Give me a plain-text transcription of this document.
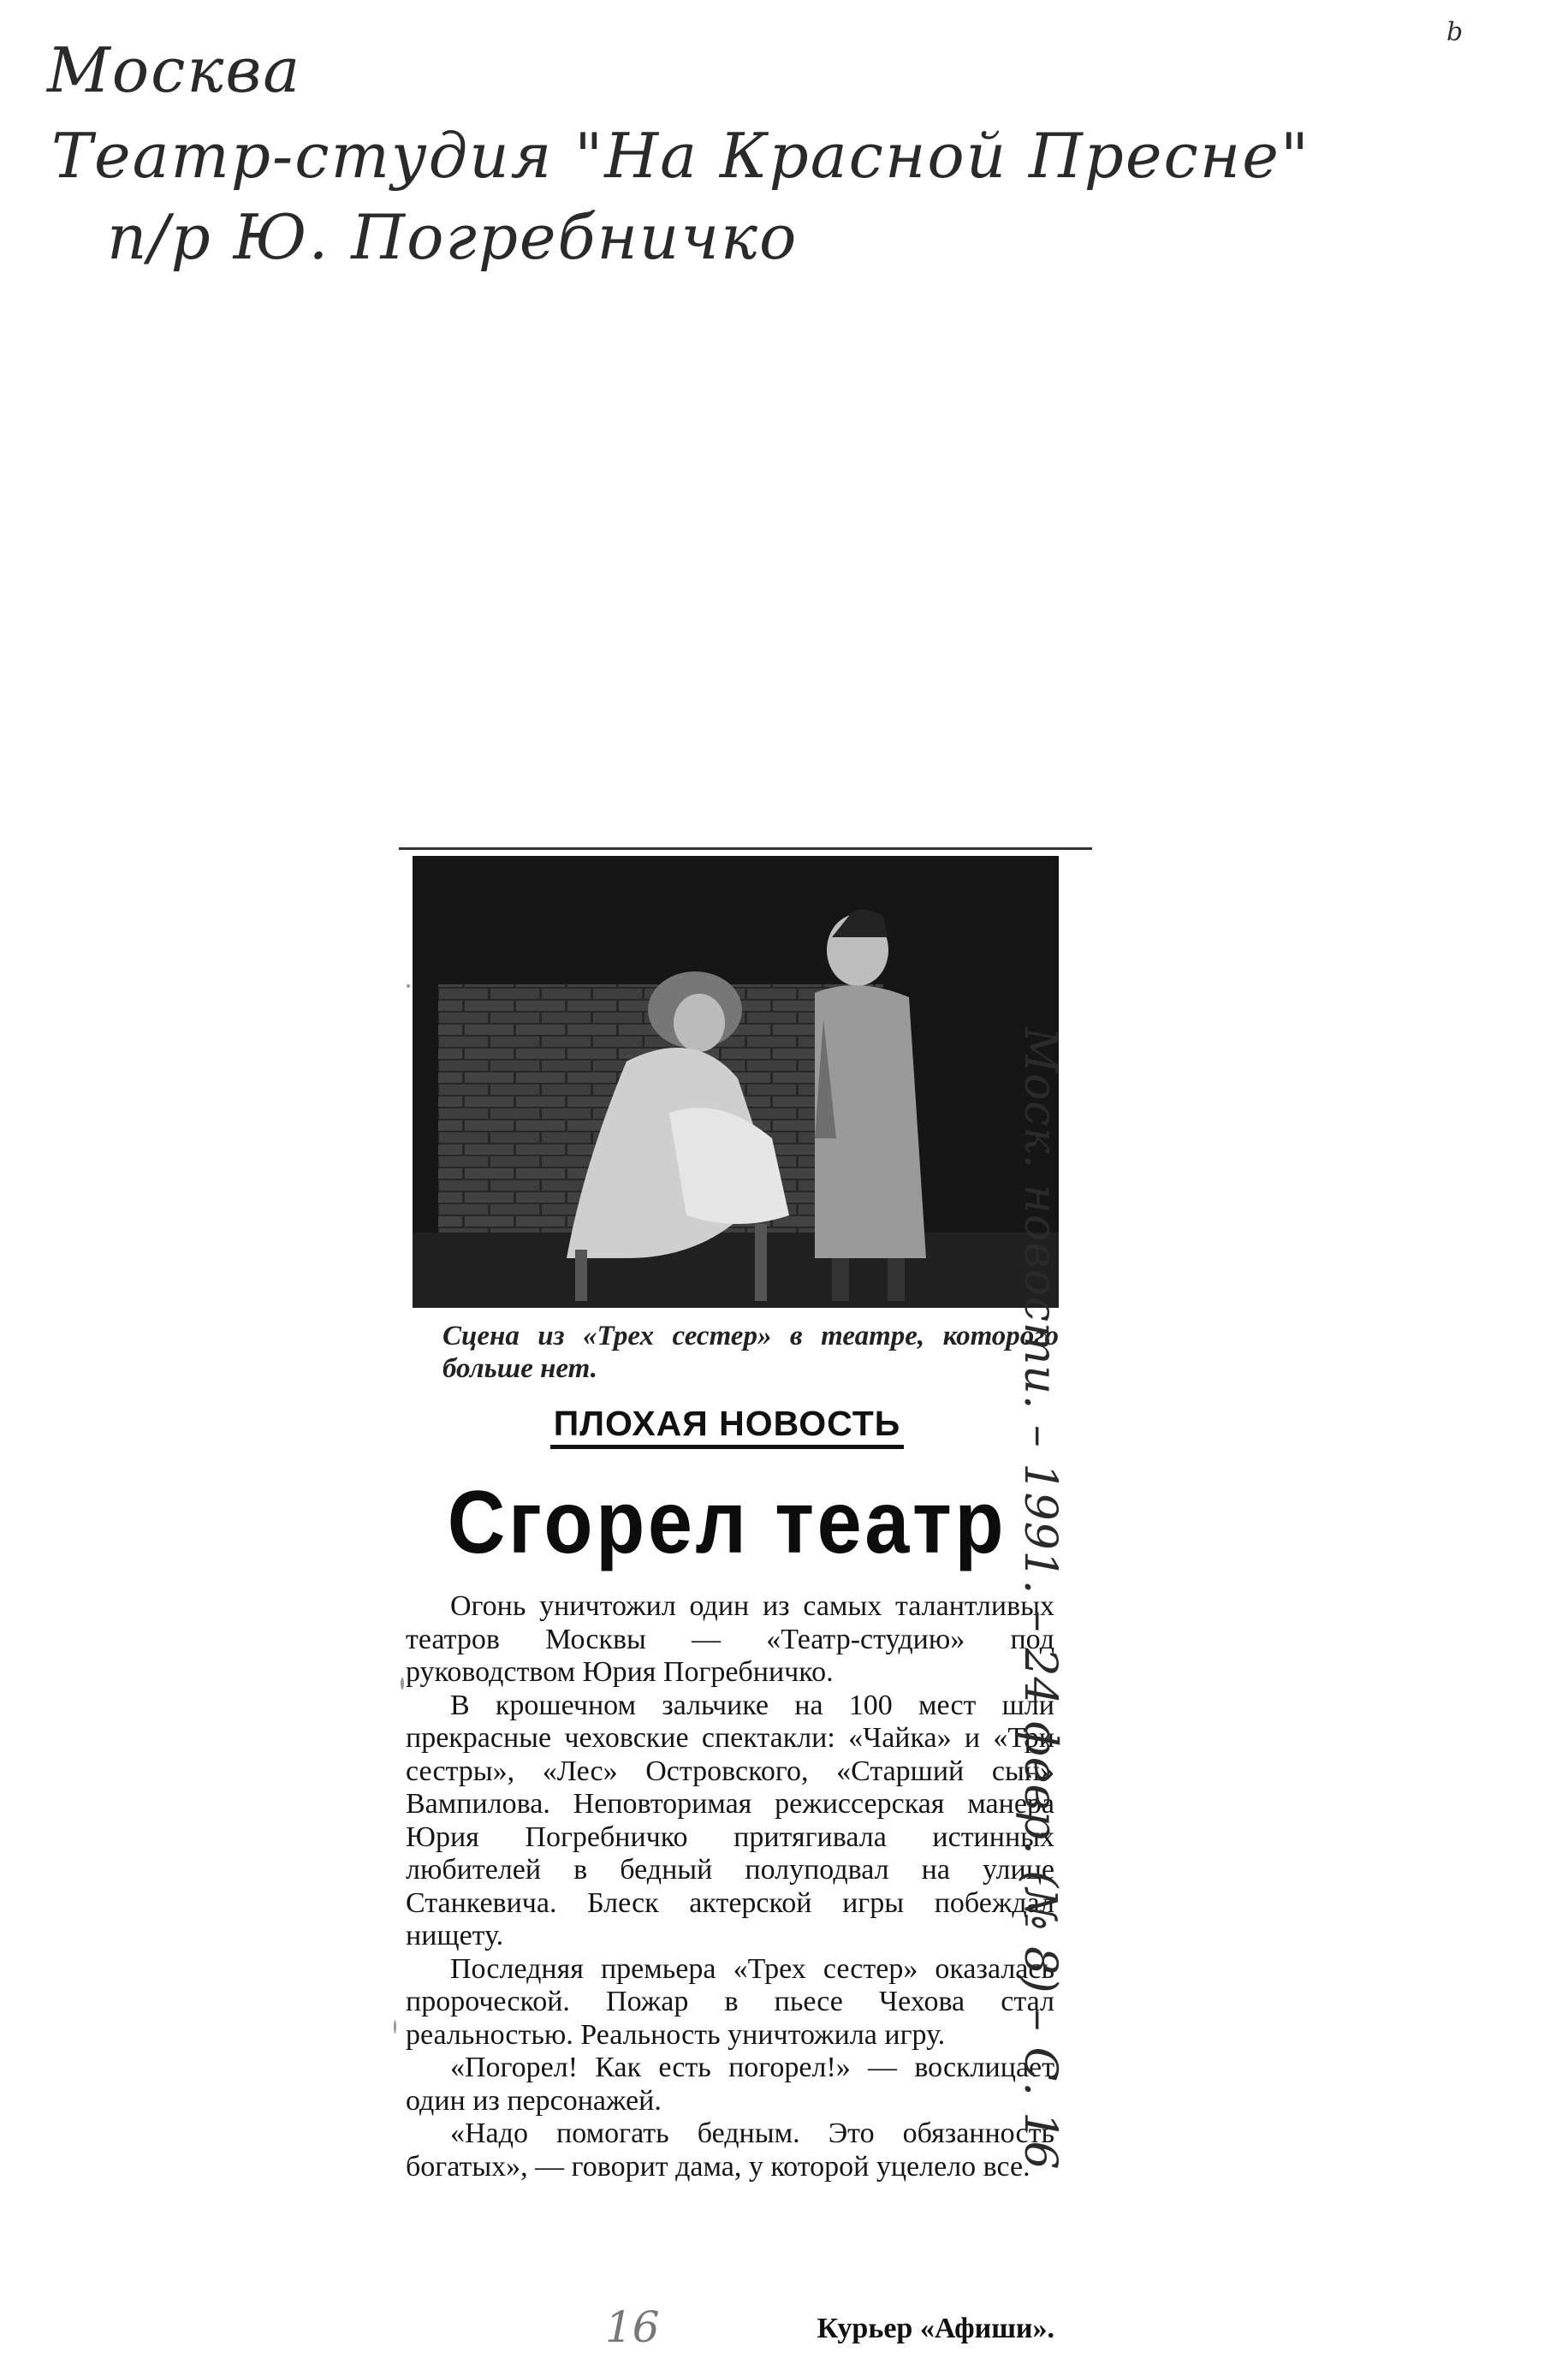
Москва
Театр-студия "На Красной Пресне"
п/р Ю. Погребничко
b
Сцена из «Трех сестер» в театре, которого больше нет.
ПЛОХАЯ НОВОСТЬ
Сгорел театр

Огонь уничтожил один из самых талантливых театров Москвы — «Театр-студию» под руководством Юрия Погребничко.

В крошечном зальчике на 100 мест шли прекрасные чеховские спектакли: «Чайка» и «Три сестры», «Лес» Островского, «Старший сын» Вампилова. Неповторимая режиссерская манера Юрия Погребничко притягивала истинных любителей в бедный полуподвал на улице Станкевича. Блеск актерской игры побеждал нищету.

Последняя премьера «Трех сестер» оказалась пророческой. Пожар в пьесе Чехова стал реальностью. Реальность уничтожила игру.

«Погорел! Как есть погорел!» — восклицает один из персонажей.

«Надо помогать бедным. Это обязанность богатых», — говорит дама, у которой уцелело все.

16	Курьер «Афиши».
Моск. новости. – 1991. – 24 февр. (№ 8) – С. 16
